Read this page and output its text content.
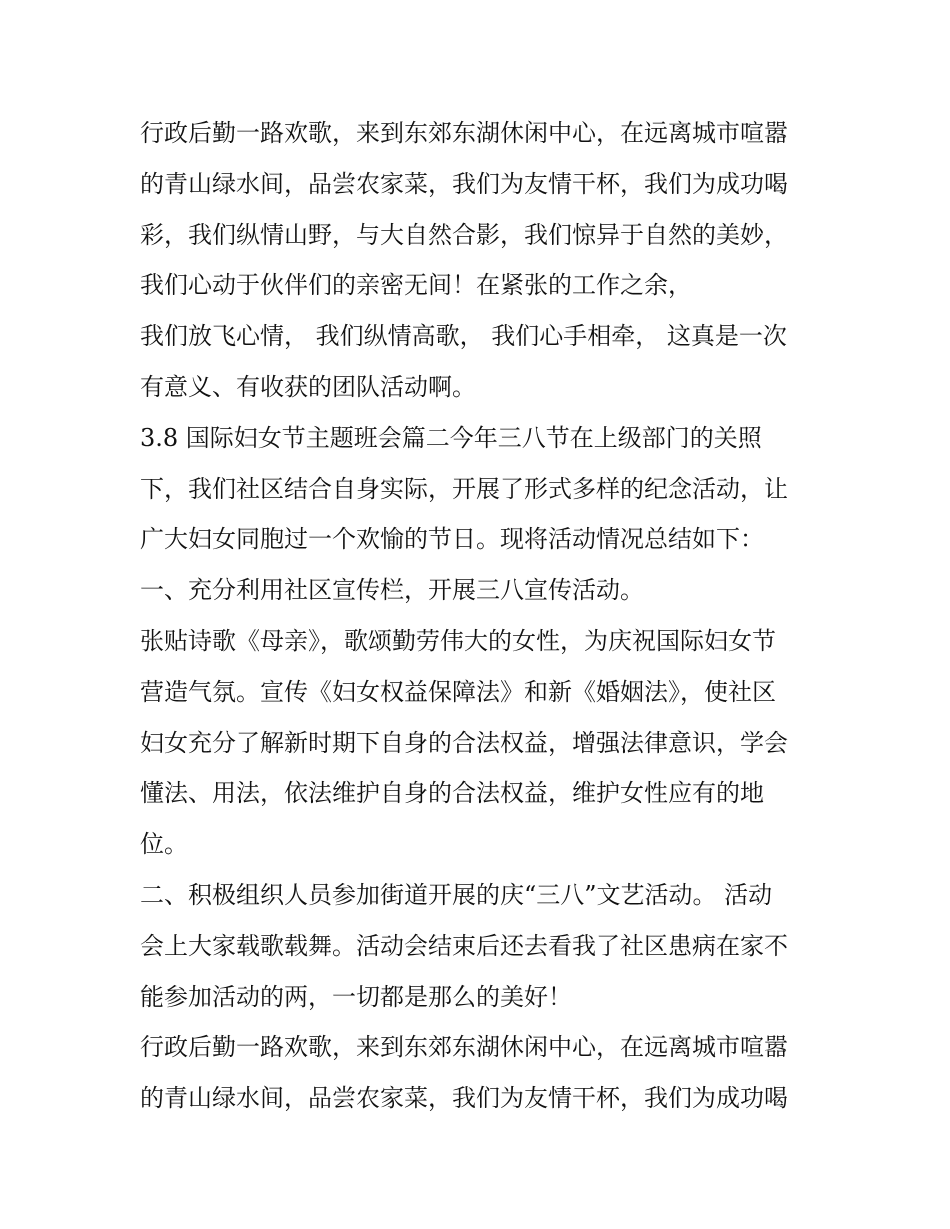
行政后勤一路欢歌，来到东郊东湖休闲中心，在远离城市喧嚣
的青山绿水间，品尝农家菜，我们为友情干杯，我们为成功喝
彩，我们纵情山野，与大自然合影，我们惊异于自然的美妙，
我们心动于伙伴们的亲密无间！在紧张的工作之余，
我们放飞心情， 我们纵情高歌， 我们心手相牵， 这真是一次
有意义、有收获的团队活动啊。
3.8 国际妇女节主题班会篇二今年三八节在上级部门的关照
下，我们社区结合自身实际，开展了形式多样的纪念活动，让
广大妇女同胞过一个欢愉的节日。现将活动情况总结如下：
一、充分利用社区宣传栏，开展三八宣传活动。
张贴诗歌《母亲》，歌颂勤劳伟大的女性，为庆祝国际妇女节
营造气氛。宣传《妇女权益保障法》和新《婚姻法》，使社区
妇女充分了解新时期下自身的合法权益，增强法律意识，学会
懂法、用法，依法维护自身的合法权益，维护女性应有的地
位。
二、积极组织人员参加街道开展的庆“三八”文艺活动。 活动
会上大家载歌载舞。活动会结束后还去看我了社区患病在家不
能参加活动的两，一切都是那么的美好！
行政后勤一路欢歌，来到东郊东湖休闲中心，在远离城市喧嚣
的青山绿水间，品尝农家菜，我们为友情干杯，我们为成功喝
